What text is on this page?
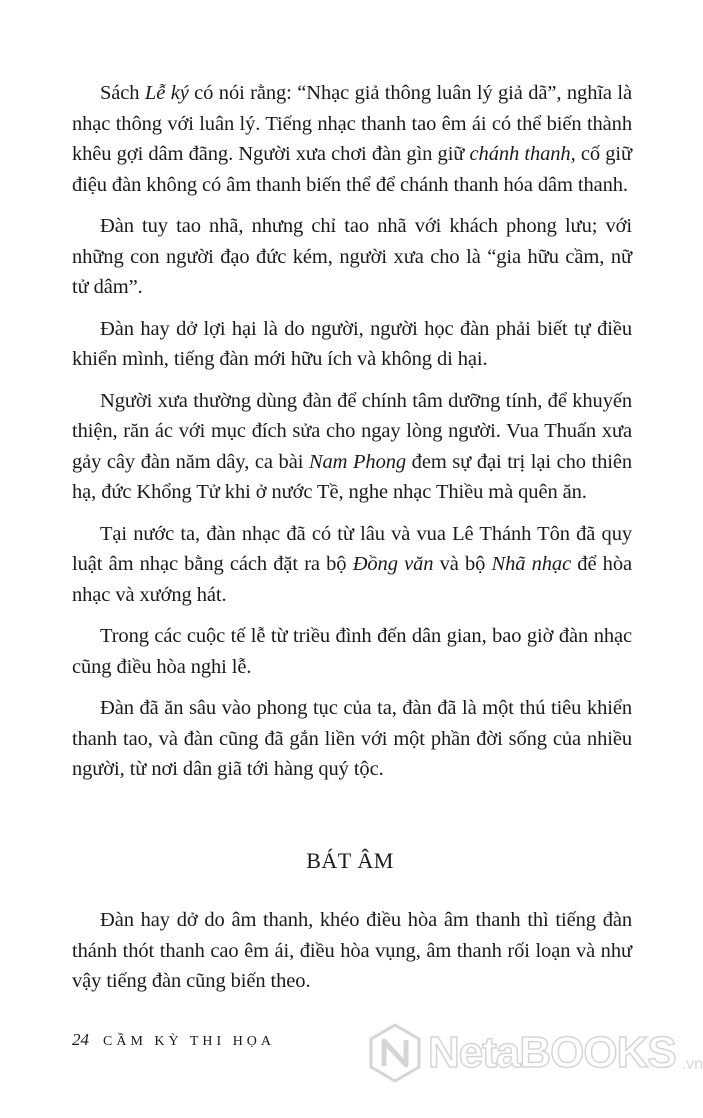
Sách Lễ ký có nói rằng: “Nhạc giả thông luân lý giả dã”, nghĩa là nhạc thông với luân lý. Tiếng nhạc thanh tao êm ái có thể biến thành khêu gợi dâm đãng. Người xưa chơi đàn gìn giữ chánh thanh, cố giữ điệu đàn không có âm thanh biến thể để chánh thanh hóa dâm thanh.

Đàn tuy tao nhã, nhưng chỉ tao nhã với khách phong lưu; với những con người đạo đức kém, người xưa cho là “gia hữu cầm, nữ tử dâm”.

Đàn hay dở lợi hại là do người, người học đàn phải biết tự điều khiển mình, tiếng đàn mới hữu ích và không di hại.

Người xưa thường dùng đàn để chính tâm dưỡng tính, để khuyến thiện, răn ác với mục đích sửa cho ngay lòng người. Vua Thuấn xưa gảy cây đàn năm dây, ca bài Nam Phong đem sự đại trị lại cho thiên hạ, đức Khổng Tử khi ở nước Tề, nghe nhạc Thiều mà quên ăn.

Tại nước ta, đàn nhạc đã có từ lâu và vua Lê Thánh Tôn đã quy luật âm nhạc bằng cách đặt ra bộ Đồng văn và bộ Nhã nhạc để hòa nhạc và xướng hát.

Trong các cuộc tế lễ từ triều đình đến dân gian, bao giờ đàn nhạc cũng điều hòa nghi lễ.

Đàn đã ăn sâu vào phong tục của ta, đàn đã là một thú tiêu khiển thanh tao, và đàn cũng đã gắn liền với một phần đời sống của nhiều người, từ nơi dân giã tới hàng quý tộc.

BÁT ÂM

Đàn hay dở do âm thanh, khéo điều hòa âm thanh thì tiếng đàn thánh thót thanh cao êm ái, điều hòa vụng, âm thanh rối loạn và như vậy tiếng đàn cũng biến theo.

24 CẦM KỲ THI HỌA	NetaBOOKS .vn
